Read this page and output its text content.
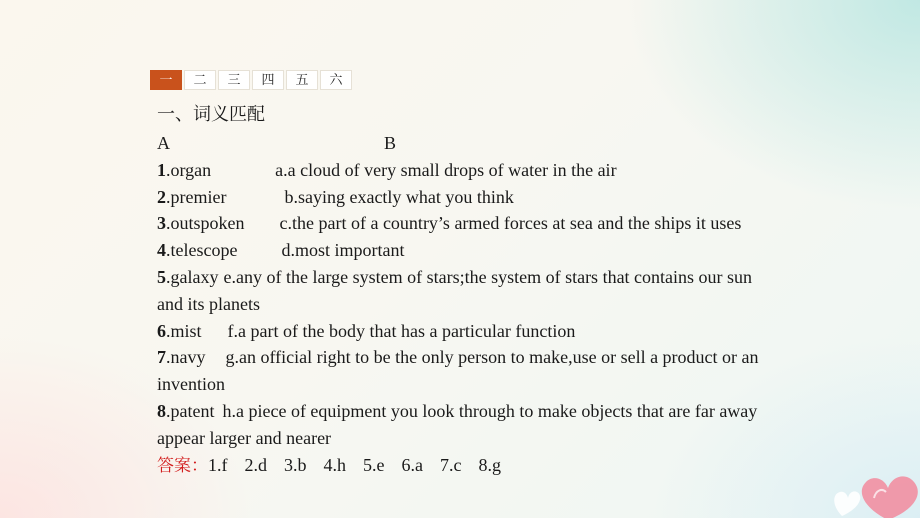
一	二	三	四	五	六
一、词义匹配
A	B
1.organ	a.a cloud of very small drops of water in the air
2.premier	b.saying exactly what you think
3.outspoken c.the part of a country’s armed forces at sea and the ships it uses
4.telescope d.most important
5.galaxy e.any of the large system of stars;the system of stars that contains our sun and its planets
6.mist f.a part of the body that has a particular function
7.navy g.an official right to be the only person to make,use or sell a product or an invention
8.patent h.a piece of equipment you look through to make objects that are far away appear larger and nearer
答案：1.f 2.d 3.b 4.h 5.e 6.a 7.c 8.g
